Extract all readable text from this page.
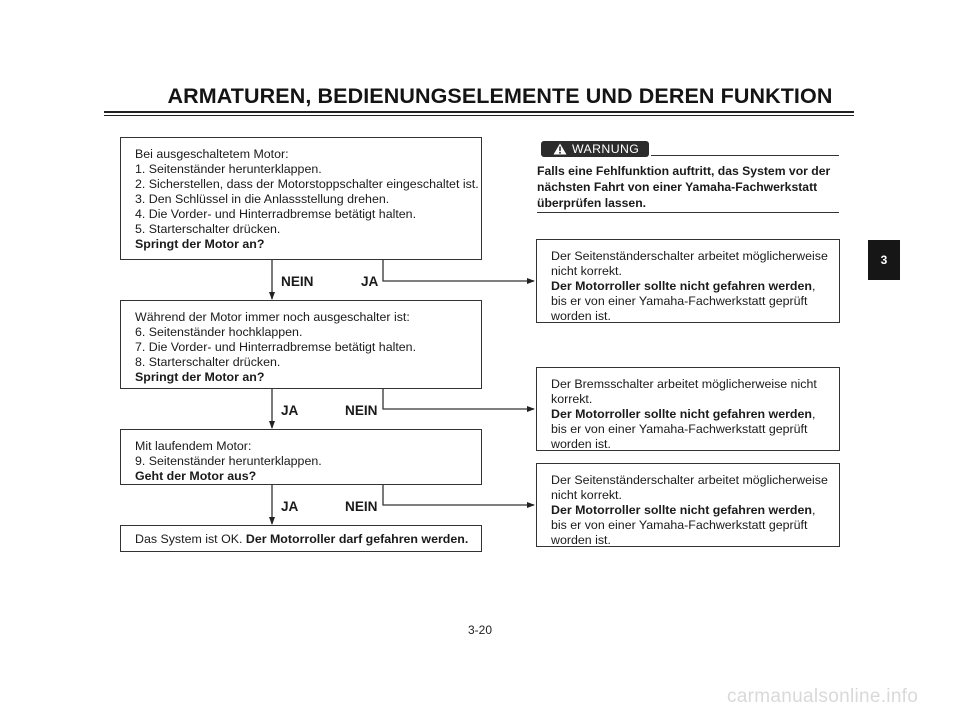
ARMATUREN, BEDIENUNGSELEMENTE UND DEREN FUNKTION
Bei ausgeschaltetem Motor:
1. Seitenständer herunterklappen.
2. Sicherstellen, dass der Motorstoppschalter eingeschaltet ist.
3. Den Schlüssel in die Anlassstellung drehen.
4. Die Vorder- und Hinterradbremse betätigt halten.
5. Starterschalter drücken.
Springt der Motor an?
NEIN	JA
Während der Motor immer noch ausgeschalter ist:
6. Seitenständer hochklappen.
7. Die Vorder- und Hinterradbremse betätigt halten.
8. Starterschalter drücken.
Springt der Motor an?
JA	NEIN
Mit laufendem Motor:
9. Seitenständer herunterklappen.
Geht der Motor aus?
JA	NEIN
Das System ist OK. Der Motorroller darf gefahren werden.
Der Seitenständerschalter arbeitet möglicherweise
nicht korrekt.
Der Motorroller sollte nicht gefahren werden,
bis er von einer Yamaha-Fachwerkstatt geprüft
worden ist.
Der Bremsschalter arbeitet möglicherweise nicht
korrekt.
Der Motorroller sollte nicht gefahren werden,
bis er von einer Yamaha-Fachwerkstatt geprüft
worden ist.
Der Seitenständerschalter arbeitet möglicherweise
nicht korrekt.
Der Motorroller sollte nicht gefahren werden,
bis er von einer Yamaha-Fachwerkstatt geprüft
worden ist.
WARNUNG
Falls eine Fehlfunktion auftritt, das System vor der
nächsten Fahrt von einer Yamaha-Fachwerkstatt
überprüfen lassen.
3
3-20
carmanualsonline.info
